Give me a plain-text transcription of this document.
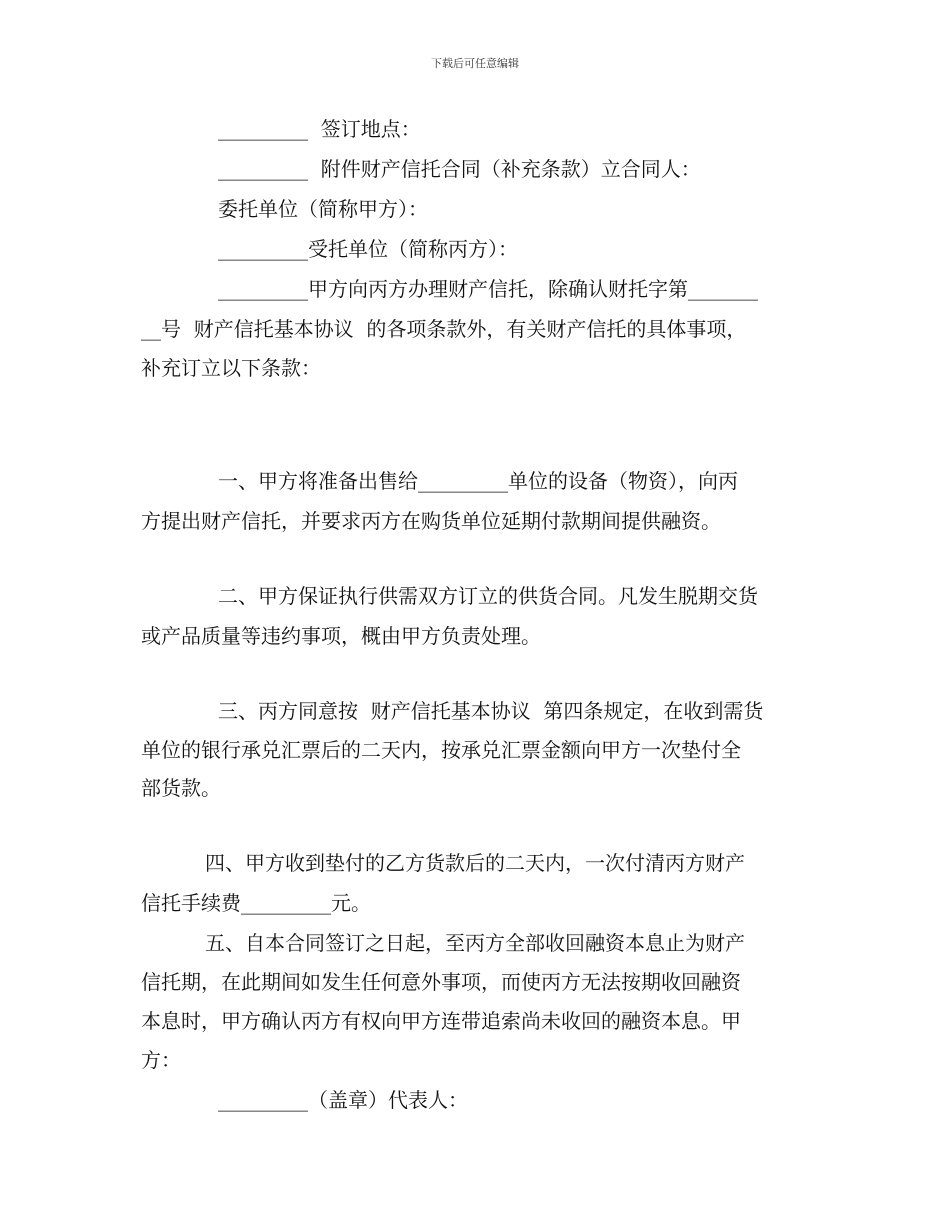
下载后可任意编辑
_________  签订地点：
_________  附件财产信托合同（补充条款）立合同人：
委托单位（简称甲方）：
_________受托单位（简称丙方）：
_________甲方向丙方办理财产信托，除确认财托字第_______
__号  财产信托基本协议  的各项条款外，有关财产信托的具体事项，
补充订立以下条款：
一、甲方将准备出售给_________单位的设备（物资），向丙
方提出财产信托，并要求丙方在购货单位延期付款期间提供融资。
二、甲方保证执行供需双方订立的供货合同。凡发生脱期交货
或产品质量等违约事项，概由甲方负责处理。
三、丙方同意按  财产信托基本协议  第四条规定，在收到需货
单位的银行承兑汇票后的二天内，按承兑汇票金额向甲方一次垫付全
部货款。
四、甲方收到垫付的乙方货款后的二天内，一次付清丙方财产
信托手续费_________元。
五、自本合同签订之日起，至丙方全部收回融资本息止为财产
信托期，在此期间如发生任何意外事项，而使丙方无法按期收回融资
本息时，甲方确认丙方有权向甲方连带追索尚未收回的融资本息。甲
方：
_________（盖章）代表人：
